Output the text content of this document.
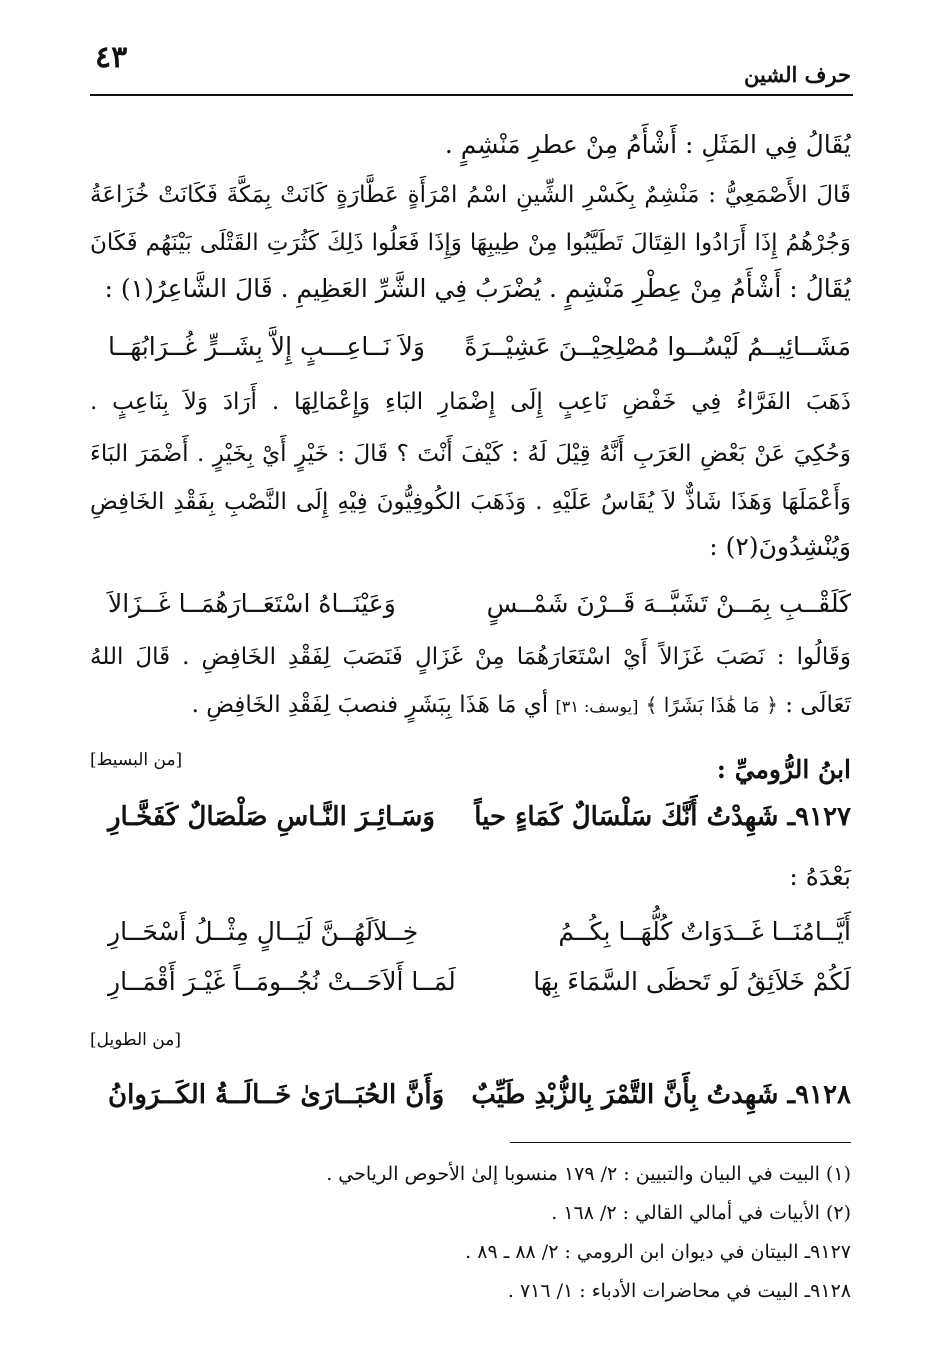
٤٣	حرف الشين
يُقَالُ فِي المَثَلِ : أَشْأَمُ مِنْ عطرِ مَنْشِمٍ .
قَالَ الأَصْمَعِيُّ : مَنْشِمٌ بِكَسْرِ الشِّينِ اسْمُ امْرَأَةٍ عَطَّارَةٍ كَانَتْ بِمَكَّةَ فَكَانَتْ خُزَاعَةُ
وَجُرْهُمُ إِذَا أَرَادُوا القِتَالَ تَطَيَّبُوا مِنْ طِيبِهَا وَإِذَا فَعَلُوا ذَلِكَ كَثُرَتِ القَتْلَى بَيْنَهُم فَكَانَ
يُقَالُ : أَشْأَمُ مِنْ عِطْرِ مَنْشِمٍ . يُضْرَبُ فِي الشَّرِّ العَظِيمِ . قَالَ الشَّاعِرُ(١) :
مَشَــائِيــمُ لَيْسُــوا مُصْلِحِيْــنَ عَشِيْــرَةً
وَلاَ نَــاعِـــبٍ إِلاَّ بِشَــرٍّ غُــرَابُهَــا
ذَهَبَ الفَرَّاءُ فِي خَفْضِ نَاعِبٍ إِلَى إِضْمَارِ البَاءِ وَإِعْمَالِهَا . أَرَادَ وَلاَ بِنَاعِبٍ .
وَحُكِيَ عَنْ بَعْضِ العَرَبِ أَنَّهُ قِيْلَ لَهُ : كَيْفَ أَنْتَ ؟ قَالَ : خَيْرٍ أَيْ بِخَيْرٍ . أَضْمَرَ البَاءَ
وَأَعْمَلَهَا وَهَذَا شَاذٌّ لاَ يُقَاسُ عَلَيْهِ . وَذَهَبَ الكُوفِيُّونَ فِيْهِ إِلَى النَّصْبِ بِفَقْدِ الخَافِضِ
وَيُنْشِدُونَ(٢) :
كَلَقْــبِ بِمَــنْ تَشَبَّــهَ قَــرْنَ شَمْــسٍ
وَعَيْنَــاهُ اسْتَعَــارَهُمَــا غَــزَالاَ
وَقَالُوا : نَصَبَ غَزَالاً أَيْ اسْتَعَارَهُمَا مِنْ غَزَالٍ فَنَصَبَ لِفَقْدِ الخَافِضِ . قَالَ اللهُ
تَعَالَى : ﴿ مَا هَٰذَا بَشَرًا ﴾ [يوسف: ٣١] أي مَا هَذَا بِبَشَرٍ فنصبَ لِفَقْدِ الخَافِضِ .
[من البسيط]	ابنُ الرُّوميِّ :
٩١٢٧ـ شَهِدْتُ أَنَّكَ سَلْسَالٌ كَمَاءٍ حياً
وَسَـائِـرَ النَّـاسِ صَلْصَالٌ كَفَخَّـارِ
بَعْدَهُ :
أَيَّــامُنَــا غَــدَوَاتٌ كُلُّهَــا بِكُــمُ
خِــلاَلَهُــنَّ لَيَــالٍ مِثْــلُ أَسْحَــارِ
لَكُمْ خَلاَئِقُ لَو تَحظَى السَّمَاءَ بِهَا
لَمَــا أَلاَحَــتْ نُجُــومَــاً غَيْـرَ أَقْمَــارِ
[من الطويل]
٩١٢٨ـ شَهِدتُ بِأَنَّ التَّمْرَ بِالزُّبْدِ طَيِّبٌ
وَأَنَّ الحُبَــارَىٰ خَــالَــةُ الكَــرَوانُ
(١) البيت في البيان والتبيين : ٢/ ١٧٩ منسوبا إلىٰ الأحوص الرياحي .
(٢) الأبيات في أمالي القالي : ٢/ ١٦٨ .
٩١٢٧ـ البيتان في ديوان ابن الرومي : ٢/ ٨٨ ـ ٨٩ .
٩١٢٨ـ البيت في محاضرات الأدباء : ١/ ٧١٦ .
